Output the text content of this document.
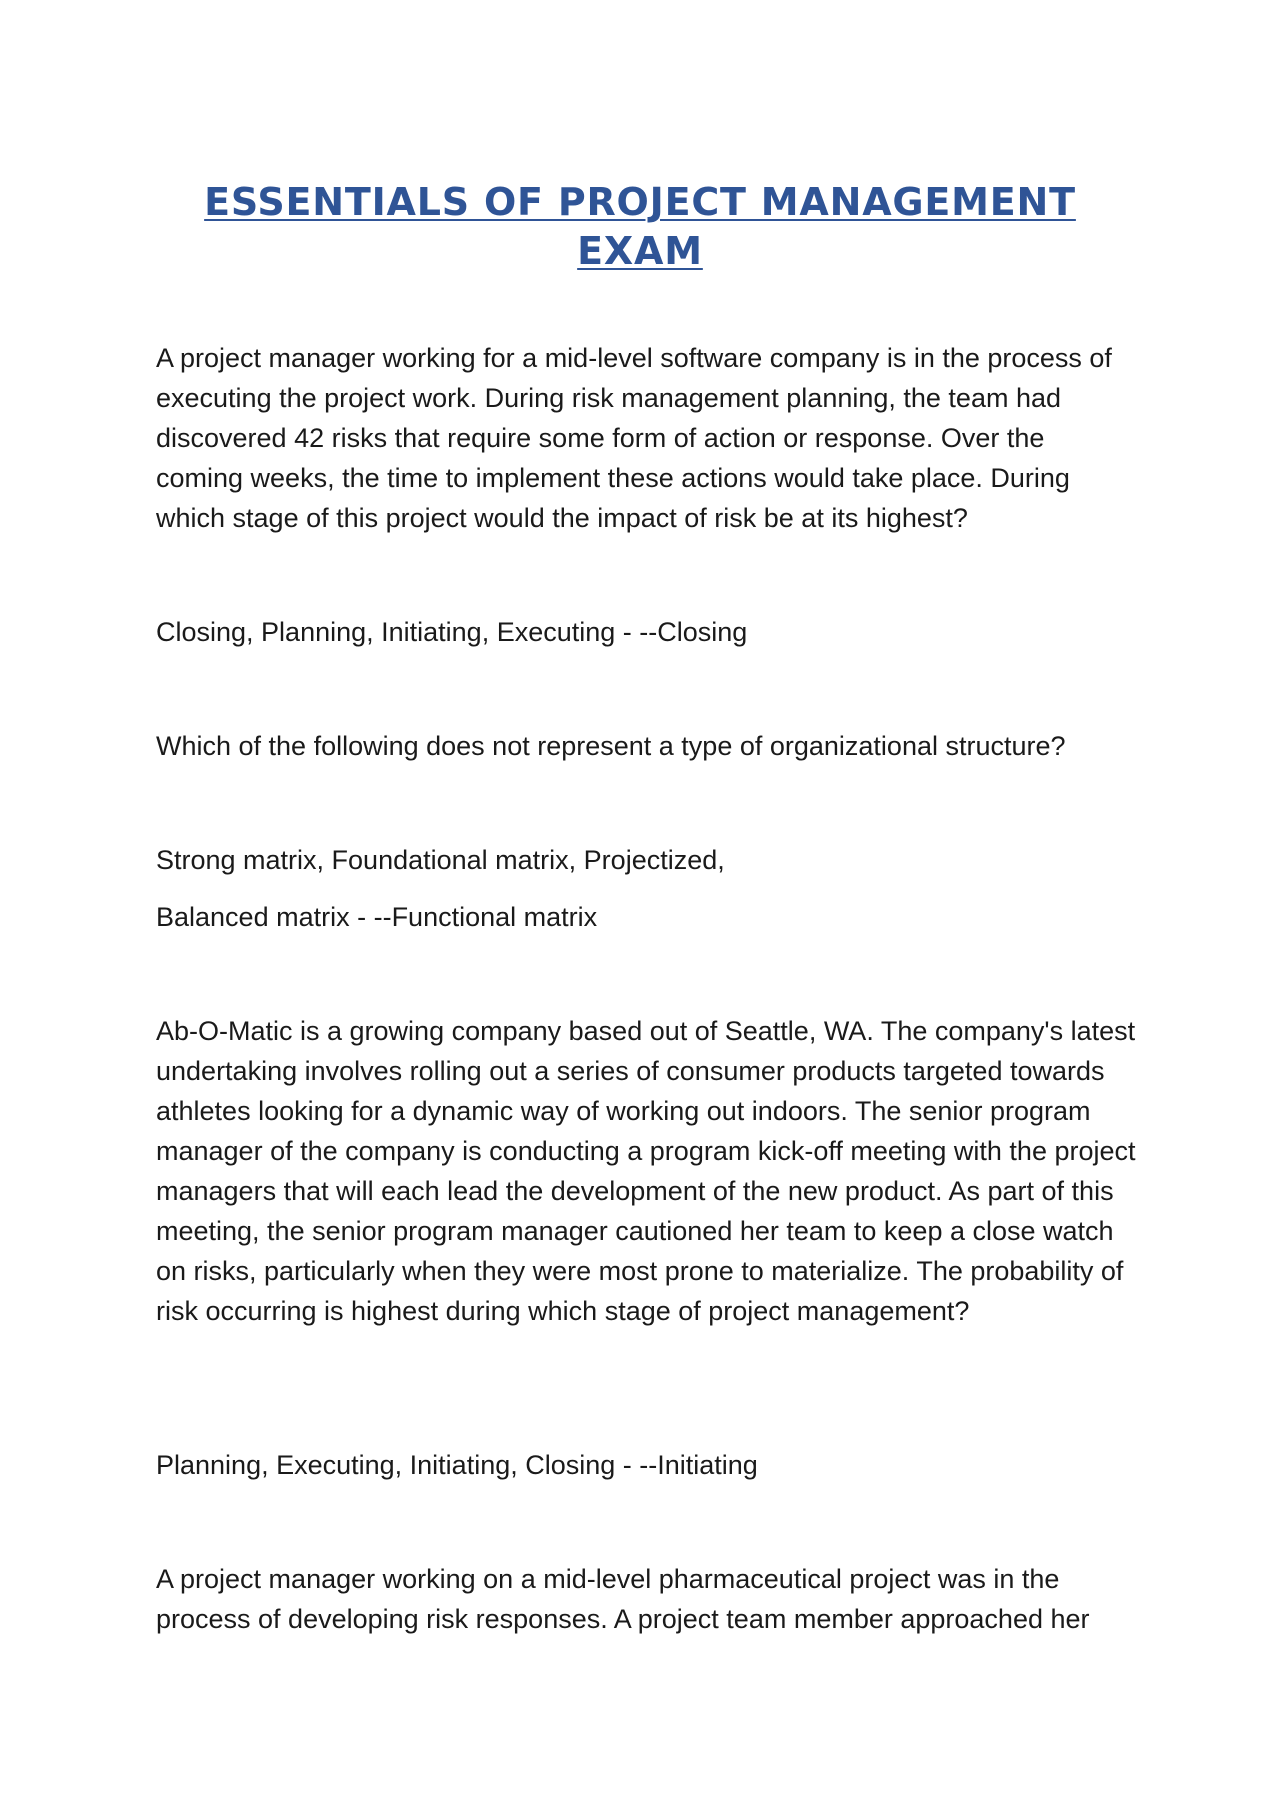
ESSENTIALS OF PROJECT MANAGEMENT EXAM

A project manager working for a mid-level software company is in the process of executing the project work. During risk management planning, the team had discovered 42 risks that require some form of action or response. Over the coming weeks, the time to implement these actions would take place. During which stage of this project would the impact of risk be at its highest?

Closing, Planning, Initiating, Executing - --Closing

Which of the following does not represent a type of organizational structure?

Strong matrix, Foundational matrix, Projectized,

Balanced matrix - --Functional matrix

Ab-O-Matic is a growing company based out of Seattle, WA. The company's latest undertaking involves rolling out a series of consumer products targeted towards athletes looking for a dynamic way of working out indoors. The senior program manager of the company is conducting a program kick-off meeting with the project managers that will each lead the development of the new product. As part of this meeting, the senior program manager cautioned her team to keep a close watch on risks, particularly when they were most prone to materialize. The probability of risk occurring is highest during which stage of project management?

Planning, Executing, Initiating, Closing - --Initiating

A project manager working on a mid-level pharmaceutical project was in the process of developing risk responses. A project team member approached her
